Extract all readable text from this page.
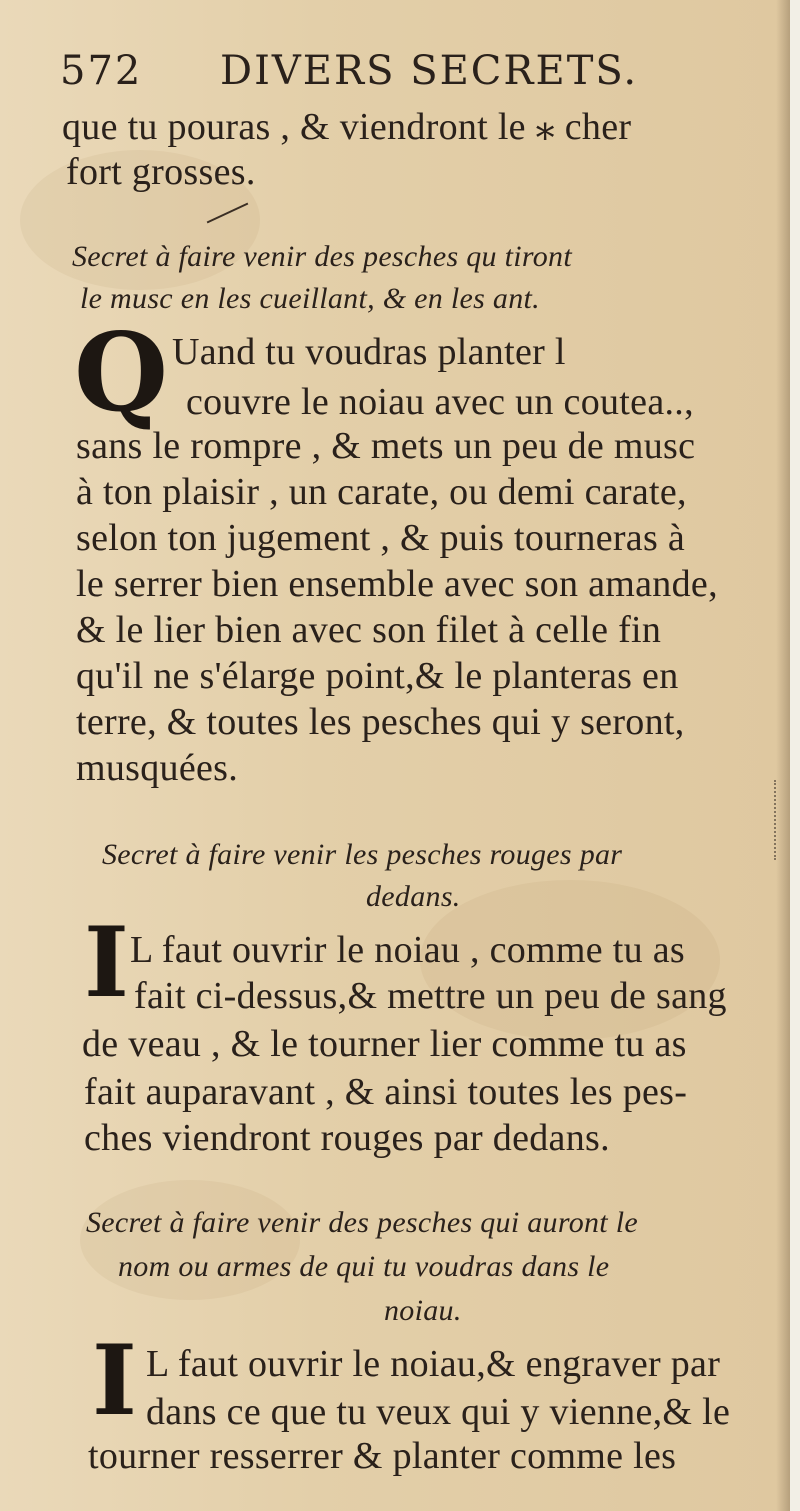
572 DIVERS SECRETS.
que tu pouras , & viendront le ⁎ cher
fort grosses.
Secret à faire venir des pesches qu tiront
le musc en les cueillant, & en les ant.
Q Uand tu voudras planter l
couvre le noiau avec un coutea..,
sans le rompre , & mets un peu de musc
à ton plaisir , un carate, ou demi carate,
selon ton jugement , & puis tourneras à
le serrer bien ensemble avec son amande,
& le lier bien avec son filet à celle fin
qu'il ne s'élarge point,& le planteras en
terre, & toutes les pesches qui y seront,
musquées.
Secret à faire venir les pesches rouges par
dedans.
I L faut ouvrir le noiau , comme tu as
fait ci-dessus,& mettre un peu de sang
de veau , & le tourner lier comme tu as
fait auparavant , & ainsi toutes les pes-
ches viendront rouges par dedans.
Secret à faire venir des pesches qui auront le
nom ou armes de qui tu voudras dans le
noiau.
I L faut ouvrir le noiau,& engraver par
dans ce que tu veux qui y vienne,& le
tourner resserrer & planter comme les
